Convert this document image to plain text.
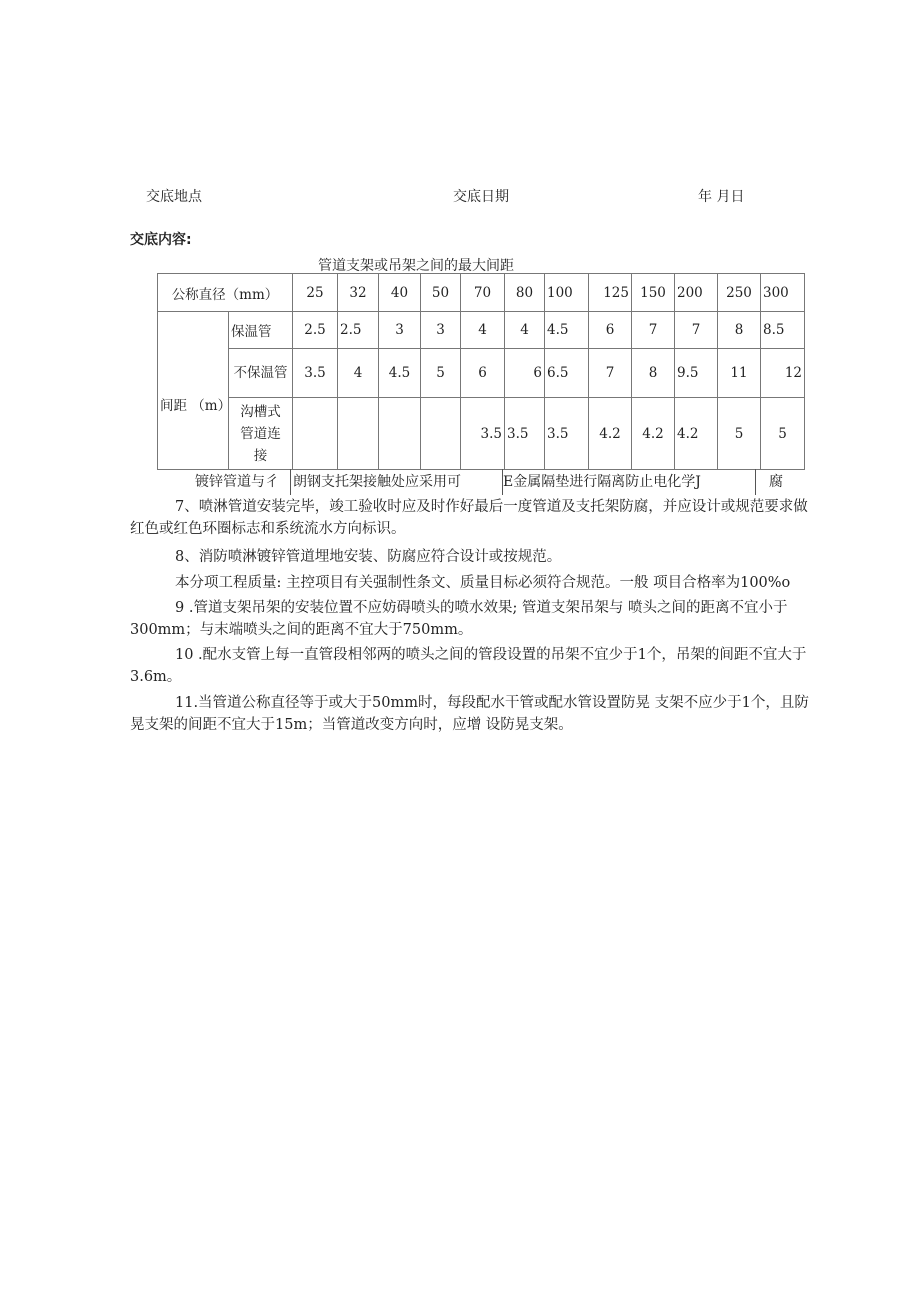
交底地点	交底日期	年 月日
交底内容:
管道支架或吊架之间的最大间距
公称直径（mm）		25	32	40	50	70	80	100	125	150	200	250	300
间距 （m）	保温管	2.5	2.5	3	3	4	4	4.5	6	7	7	8	8.5
	不保温管	3.5	4	4.5	5	6	6	6.5	7	8	9.5	11	12
	沟槽式管道连接					3.5	3.5	3.5	4.2	4.2	4.2	5	5
镀锌管道与彳 朗钢支托架接触处应采用可	E金属隔垫进行隔离防止电化学J	腐

7、喷淋管道安装完毕，竣工验收时应及时作好最后一度管道及支托架防腐，并应设计或规范要求做红色或红色环圈标志和系统流水方向标识。

8、消防喷淋镀锌管道埋地安装、防腐应符合设计或按规范。

本分项工程质量: 主控项目有关强制性条文、质量目标必须符合规范。一般 项目合格率为100%o

9 .管道支架吊架的安装位置不应妨碍喷头的喷水效果; 管道支架吊架与 喷头之间的距离不宜小于300mm；与末端喷头之间的距离不宜大于750mm。

10 .配水支管上每一直管段相邻两的喷头之间的管段设置的吊架不宜少于1个，吊架的间距不宜大于3.6m。

11.当管道公称直径等于或大于50mm时，每段配水干管或配水管设置防晃 支架不应少于1个，且防晃支架的间距不宜大于15m；当管道改变方向时，应增 设防晃支架。
